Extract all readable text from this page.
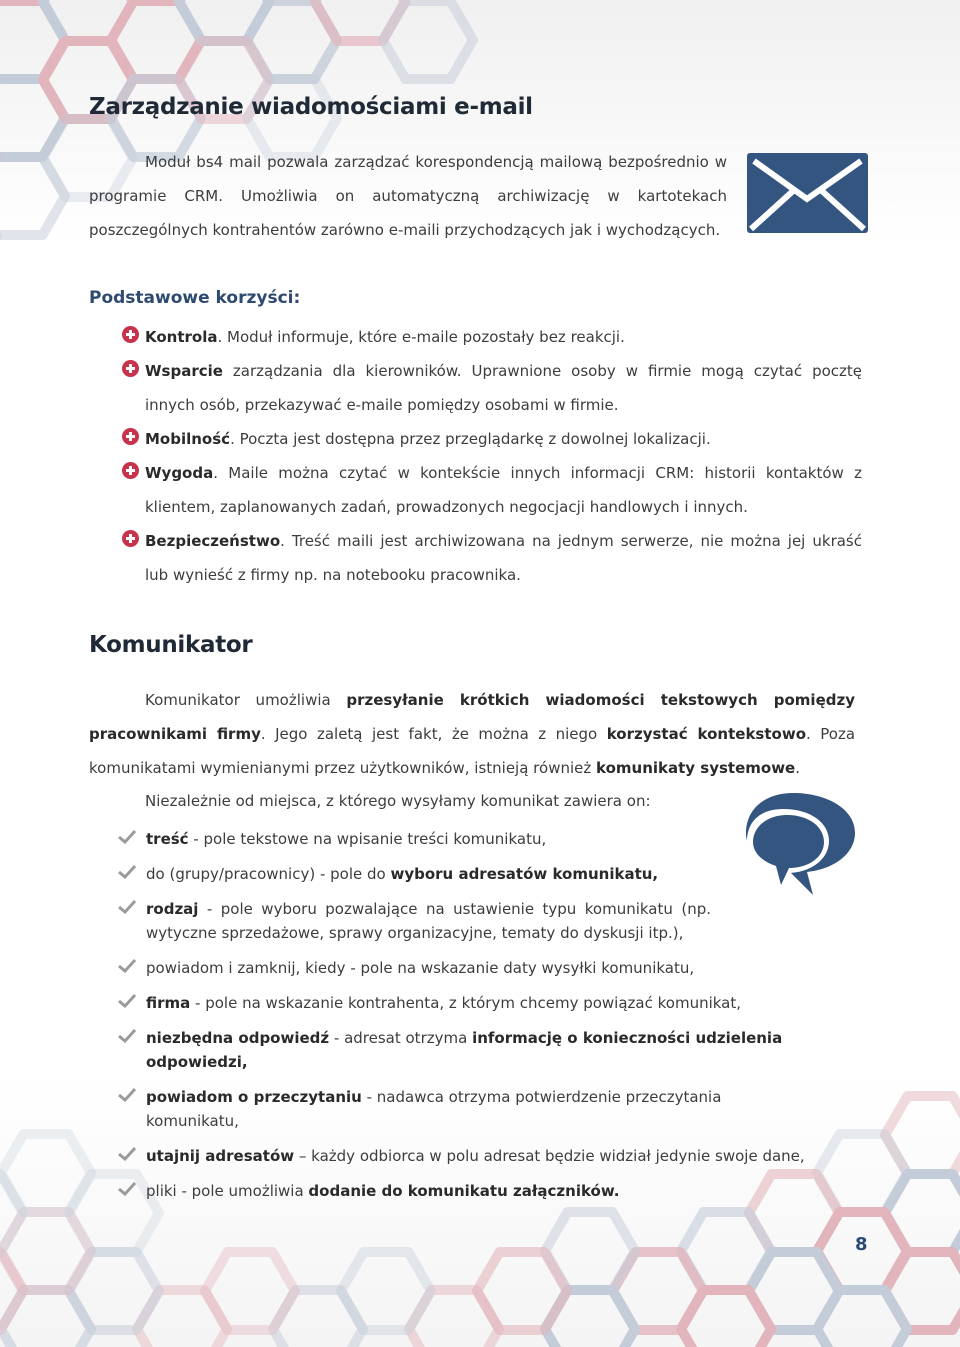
Zarządzanie wiadomościami e-mail

Moduł bs4 mail pozwala zarządzać korespondencją mailową bezpośrednio w programie CRM. Umożliwia on automatyczną archiwizację w kartotekach poszczególnych kontrahentów zarówno e-maili przychodzących jak i wychodzących.

Podstawowe korzyści:
Kontrola. Moduł informuje, które e-maile pozostały bez reakcji.
Wsparcie zarządzania dla kierowników. Uprawnione osoby w firmie mogą czytać pocztę innych osób, przekazywać e-maile pomiędzy osobami w firmie.
Mobilność. Poczta jest dostępna przez przeglądarkę z dowolnej lokalizacji.
Wygoda. Maile można czytać w kontekście innych informacji CRM: historii kontaktów z klientem, zaplanowanych zadań, prowadzonych negocjacji handlowych i innych.
Bezpieczeństwo. Treść maili jest archiwizowana na jednym serwerze, nie można jej ukraść lub wynieść z firmy np. na notebooku pracownika.
Komunikator

Komunikator umożliwia przesyłanie krótkich wiadomości tekstowych pomiędzy pracownikami firmy. Jego zaletą jest fakt, że można z niego korzystać kontekstowo. Poza komunikatami wymienianymi przez użytkowników, istnieją również komunikaty systemowe.

Niezależnie od miejsca, z którego wysyłamy komunikat zawiera on:

treść - pole tekstowe na wpisanie treści komunikatu,
do (grupy/pracownicy) - pole do wyboru adresatów komunikatu,
rodzaj - pole wyboru pozwalające na ustawienie typu komunikatu (np. wytyczne sprzedażowe, sprawy organizacyjne, tematy do dyskusji itp.),
powiadom i zamknij, kiedy - pole na wskazanie daty wysyłki komunikatu,
firma - pole na wskazanie kontrahenta, z którym chcemy powiązać komunikat,
niezbędna odpowiedź - adresat otrzyma informację o konieczności udzielenia odpowiedzi,
powiadom o przeczytaniu - nadawca otrzyma potwierdzenie przeczytania komunikatu,
utajnij adresatów – każdy odbiorca w polu adresat będzie widział jedynie swoje dane,
pliki - pole umożliwia dodanie do komunikatu załączników.
8
